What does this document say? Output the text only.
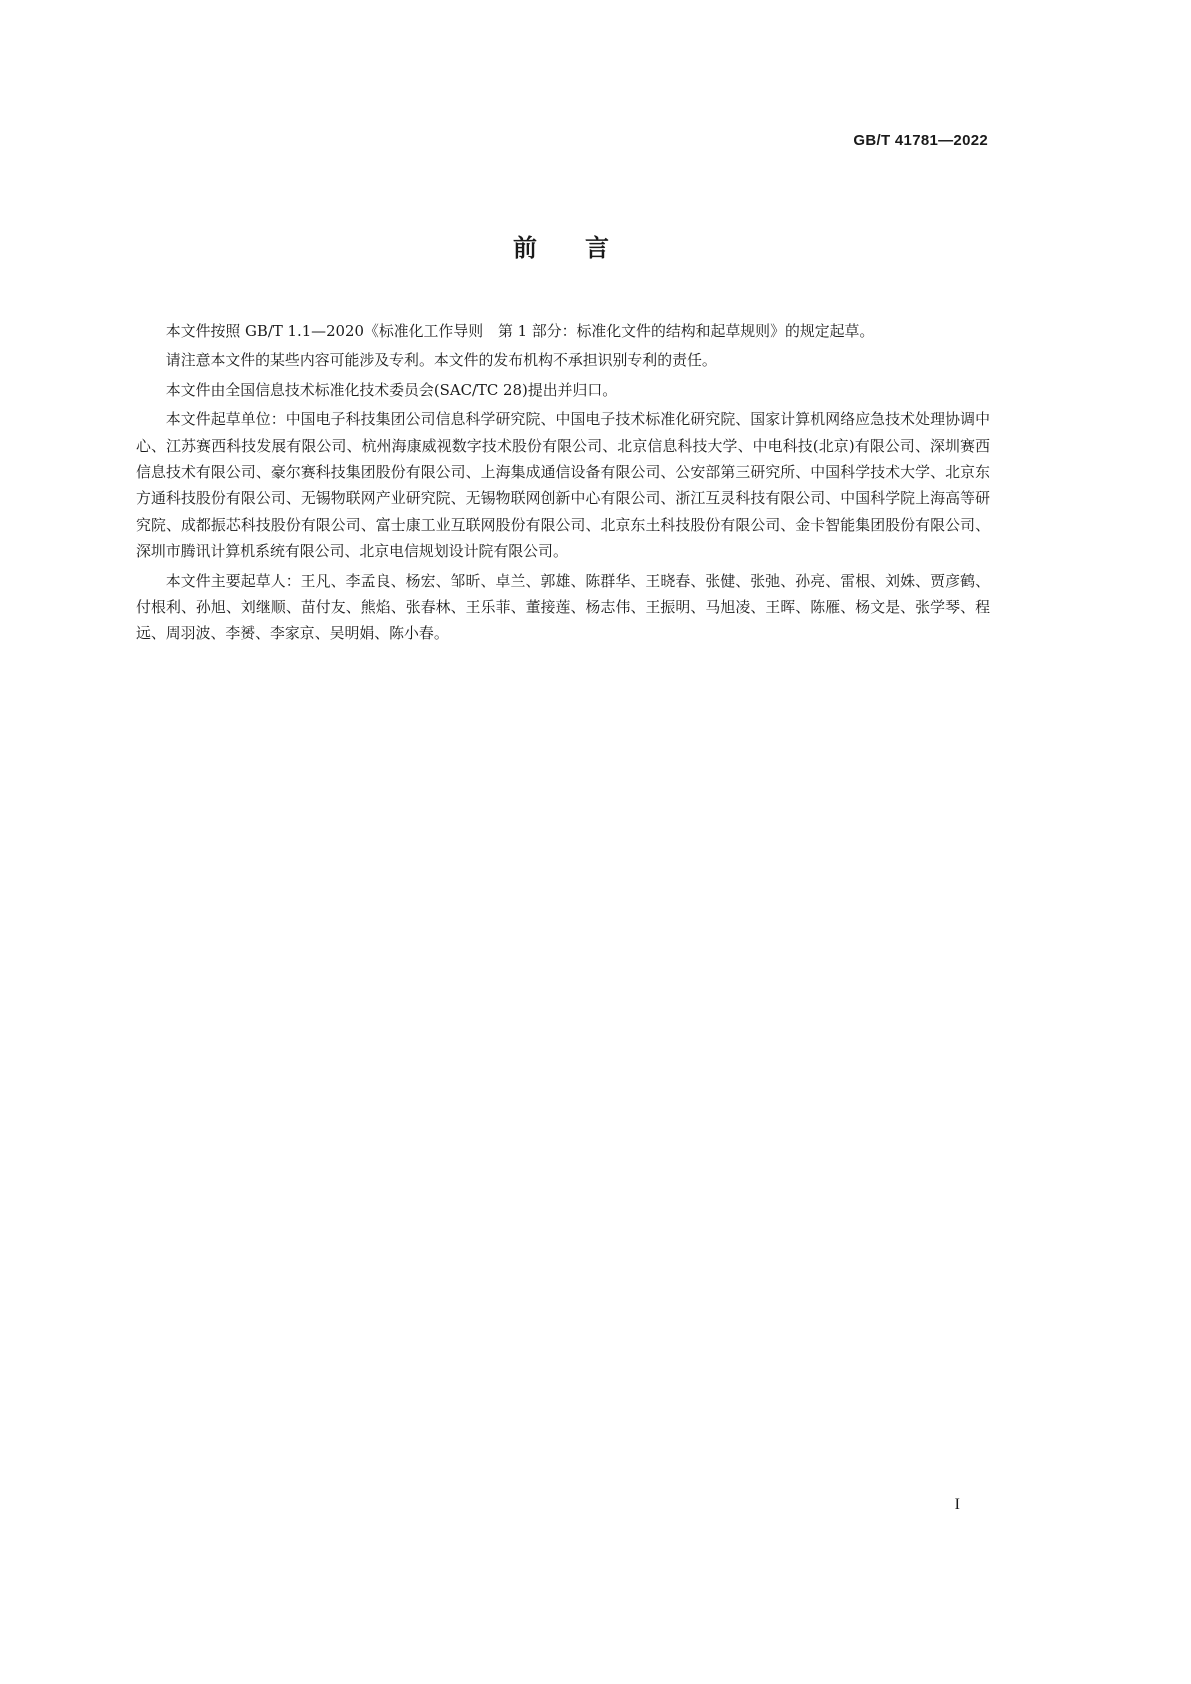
GB/T 41781—2022
前言

本文件按照 GB/T 1.1—2020《标准化工作导则　第 1 部分：标准化文件的结构和起草规则》的规定起草。

请注意本文件的某些内容可能涉及专利。本文件的发布机构不承担识别专利的责任。

本文件由全国信息技术标准化技术委员会(SAC/TC 28)提出并归口。

本文件起草单位：中国电子科技集团公司信息科学研究院、中国电子技术标准化研究院、国家计算机网络应急技术处理协调中心、江苏赛西科技发展有限公司、杭州海康威视数字技术股份有限公司、北京信息科技大学、中电科技(北京)有限公司、深圳赛西信息技术有限公司、豪尔赛科技集团股份有限公司、上海集成通信设备有限公司、公安部第三研究所、中国科学技术大学、北京东方通科技股份有限公司、无锡物联网产业研究院、无锡物联网创新中心有限公司、浙江互灵科技有限公司、中国科学院上海高等研究院、成都振芯科技股份有限公司、富士康工业互联网股份有限公司、北京东土科技股份有限公司、金卡智能集团股份有限公司、深圳市腾讯计算机系统有限公司、北京电信规划设计院有限公司。

本文件主要起草人：王凡、李孟良、杨宏、邹昕、卓兰、郭雄、陈群华、王晓春、张健、张弛、孙亮、雷根、刘姝、贾彦鹤、付根利、孙旭、刘继顺、苗付友、熊焰、张春林、王乐菲、董接莲、杨志伟、王振明、马旭凌、王晖、陈雁、杨文是、张学琴、程远、周羽波、李赟、李家京、吴明娟、陈小春。

I
